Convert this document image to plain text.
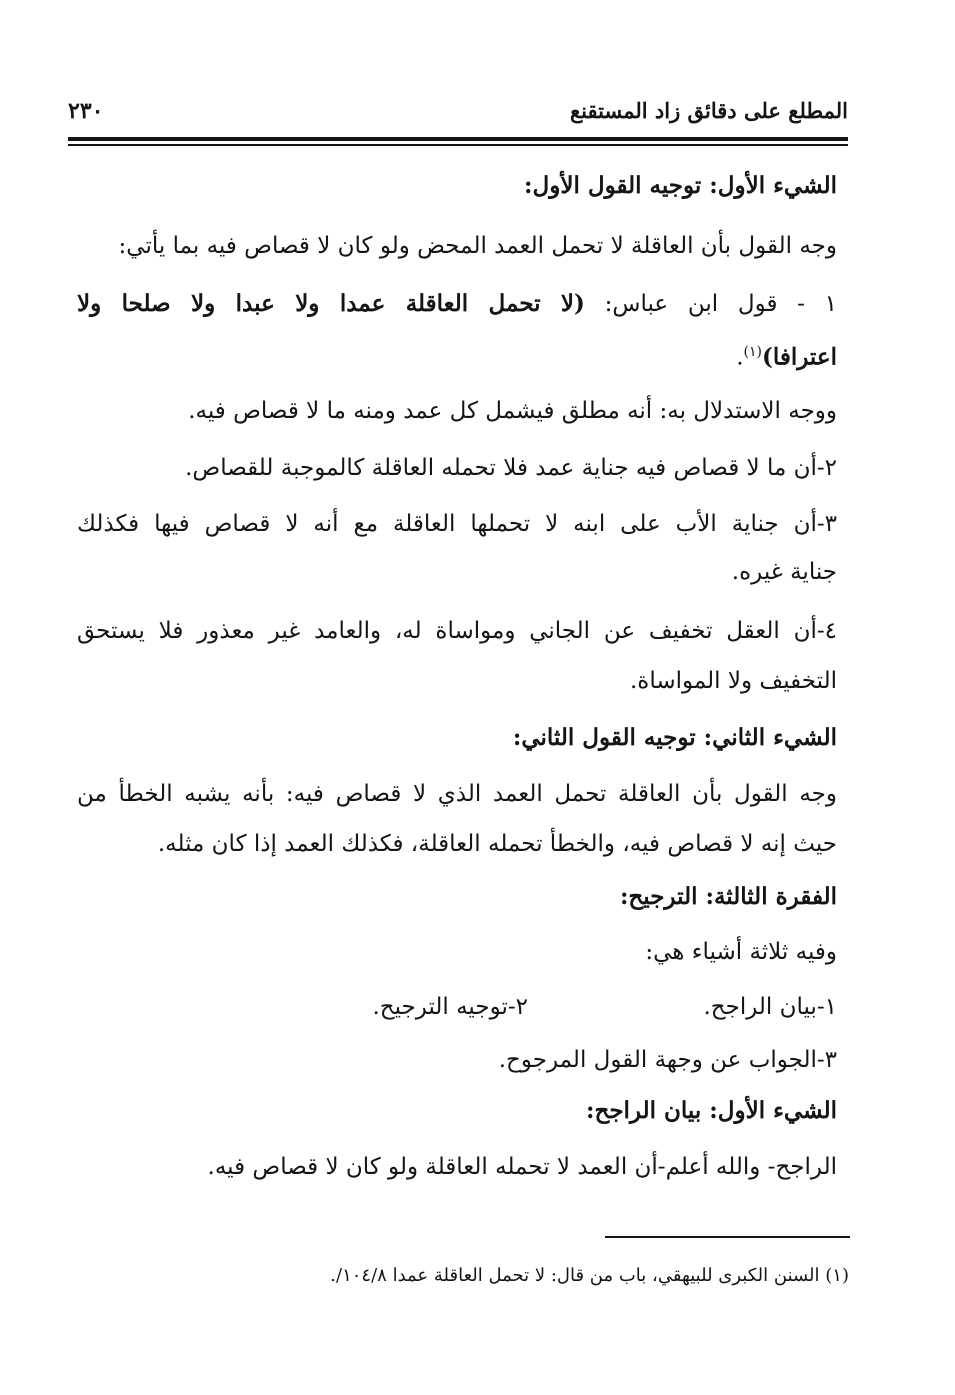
المطلع على دقائق زاد المستقنع
٢٣٠
الشيء الأول: توجيه القول الأول:
وجه القول بأن العاقلة لا تحمل العمد المحض ولو كان لا قصاص فيه بما يأتي:
١ - قول ابن عباس: (لا تحمل العاقلة عمدا ولا عبدا ولا صلحا ولا
اعترافا)$^{(١)}$.
ووجه الاستدلال به: أنه مطلق فيشمل كل عمد ومنه ما لا قصاص فيه.
٢-أن ما لا قصاص فيه جناية عمد فلا تحمله العاقلة كالموجبة للقصاص.
٣-أن جناية الأب على ابنه لا تحملها العاقلة مع أنه لا قصاص فيها فكذلك
جناية غيره.
٤-أن العقل تخفيف عن الجاني ومواساة له، والعامد غير معذور فلا يستحق
التخفيف ولا المواساة.
الشيء الثاني: توجيه القول الثاني:
وجه القول بأن العاقلة تحمل العمد الذي لا قصاص فيه: بأنه يشبه الخطأ من
حيث إنه لا قصاص فيه، والخطأ تحمله العاقلة، فكذلك العمد إذا كان مثله.
الفقرة الثالثة: الترجيح:
وفيه ثلاثة أشياء هي:
١-بيان الراجح.
٢-توجيه الترجيح.
٣-الجواب عن وجهة القول المرجوح.
الشيء الأول: بيان الراجح:
الراجح- والله أعلم-أن العمد لا تحمله العاقلة ولو كان لا قصاص فيه.
(١) السنن الكبرى للبيهقي، باب من قال: لا تحمل العاقلة عمدا ١٠٤/٨/.
